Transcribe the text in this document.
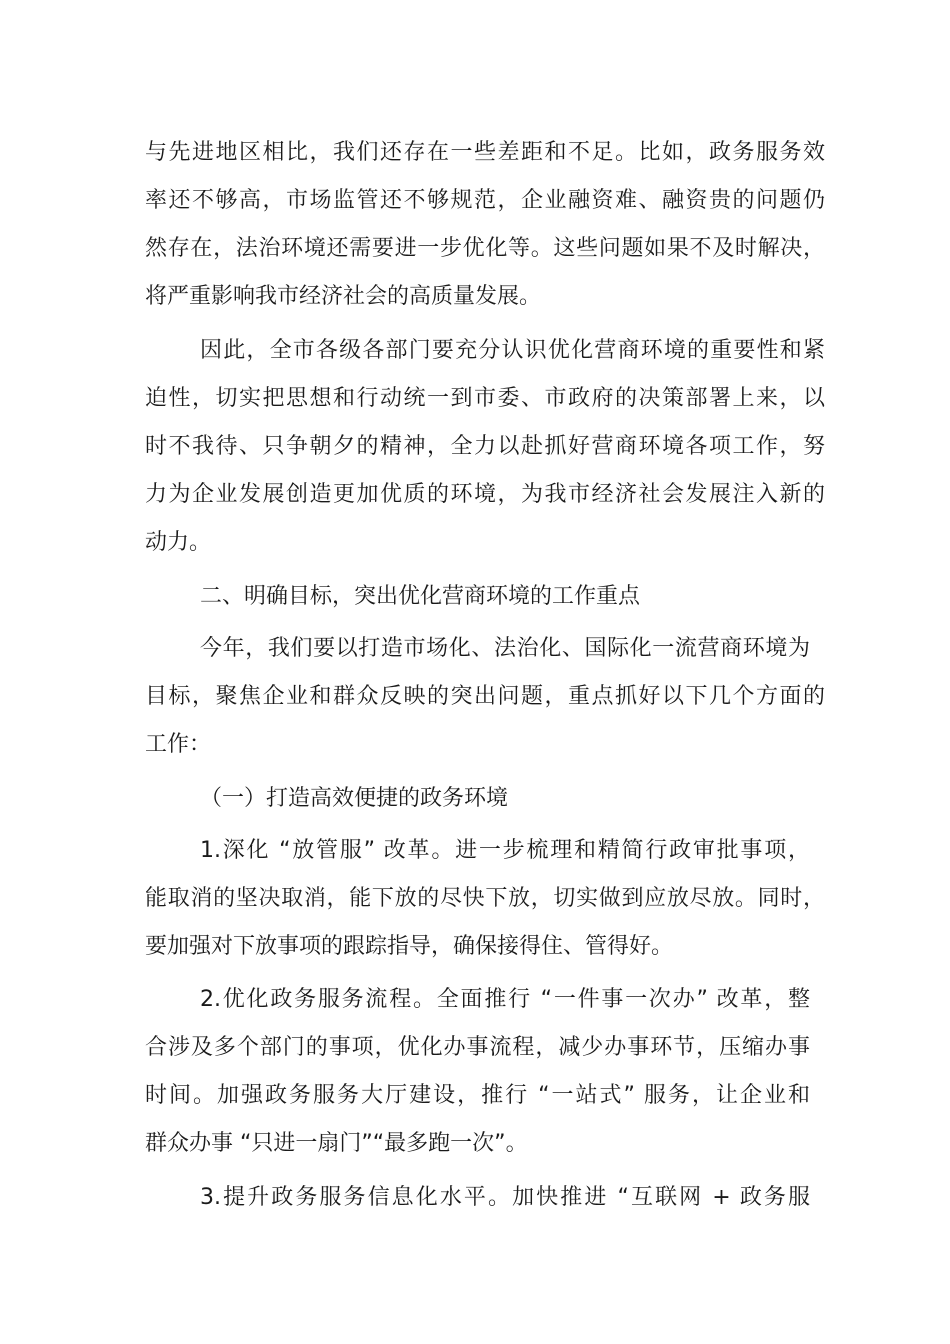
与先进地区相比，我们还存在一些差距和不足。比如，政务服务效
率还不够高，市场监管还不够规范，企业融资难、融资贵的问题仍
然存在，法治环境还需要进一步优化等。这些问题如果不及时解决，
将严重影响我市经济社会的高质量发展。
因此，全市各级各部门要充分认识优化营商环境的重要性和紧
迫性，切实把思想和行动统一到市委、市政府的决策部署上来，以
时不我待、只争朝夕的精神，全力以赴抓好营商环境各项工作，努
力为企业发展创造更加优质的环境，为我市经济社会发展注入新的
动力。
二、明确目标，突出优化营商环境的工作重点
今年，我们要以打造市场化、法治化、国际化一流营商环境为
目标，聚焦企业和群众反映的突出问题，重点抓好以下几个方面的
工作：
（一）打造高效便捷的政务环境
1.深化 “放管服” 改革。进一步梳理和精简行政审批事项，
能取消的坚决取消，能下放的尽快下放，切实做到应放尽放。同时，
要加强对下放事项的跟踪指导，确保接得住、管得好。
2.优化政务服务流程。全面推行 “一件事一次办” 改革，整
合涉及多个部门的事项，优化办事流程，减少办事环节，压缩办事
时间。加强政务服务大厅建设，推行 “一站式” 服务，让企业和
群众办事 “只进一扇门”“最多跑一次”。
3.提升政务服务信息化水平。加快推进 “互联网 + 政务服
